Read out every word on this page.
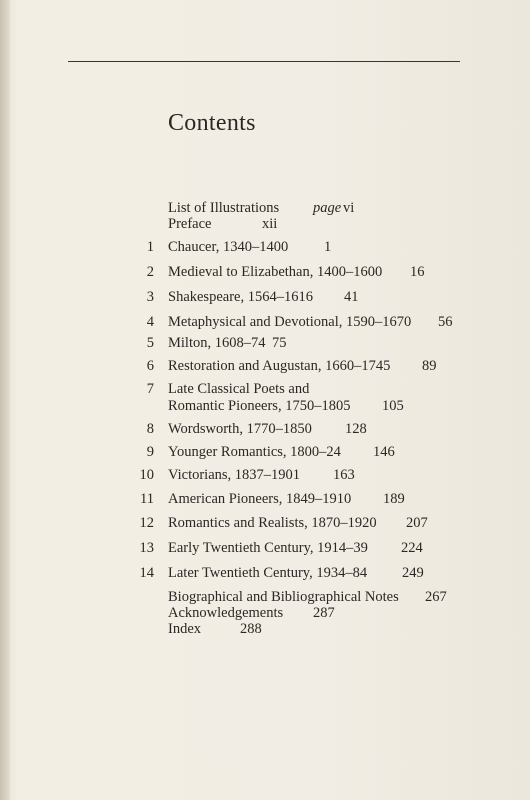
Contents
List of Illustrations page vi
Preface	xii
1 Chaucer, 1340–1400 1
2 Medieval to Elizabethan, 1400–1600 16
3 Shakespeare, 1564–1616 41
4 Metaphysical and Devotional, 1590–1670 56
5 Milton, 1608–74 75
6 Restoration and Augustan, 1660–1745 89
7 Late Classical Poets and
Romantic Pioneers, 1750–1805 105
8 Wordsworth, 1770–1850 128
9 Younger Romantics, 1800–24 146
10 Victorians, 1837–1901 163
11 American Pioneers, 1849–1910 189
12 Romantics and Realists, 1870–1920 207
13 Early Twentieth Century, 1914–39 224
14 Later Twentieth Century, 1934–84 249
Biographical and Bibliographical Notes 267
Acknowledgements 287
Index	288
